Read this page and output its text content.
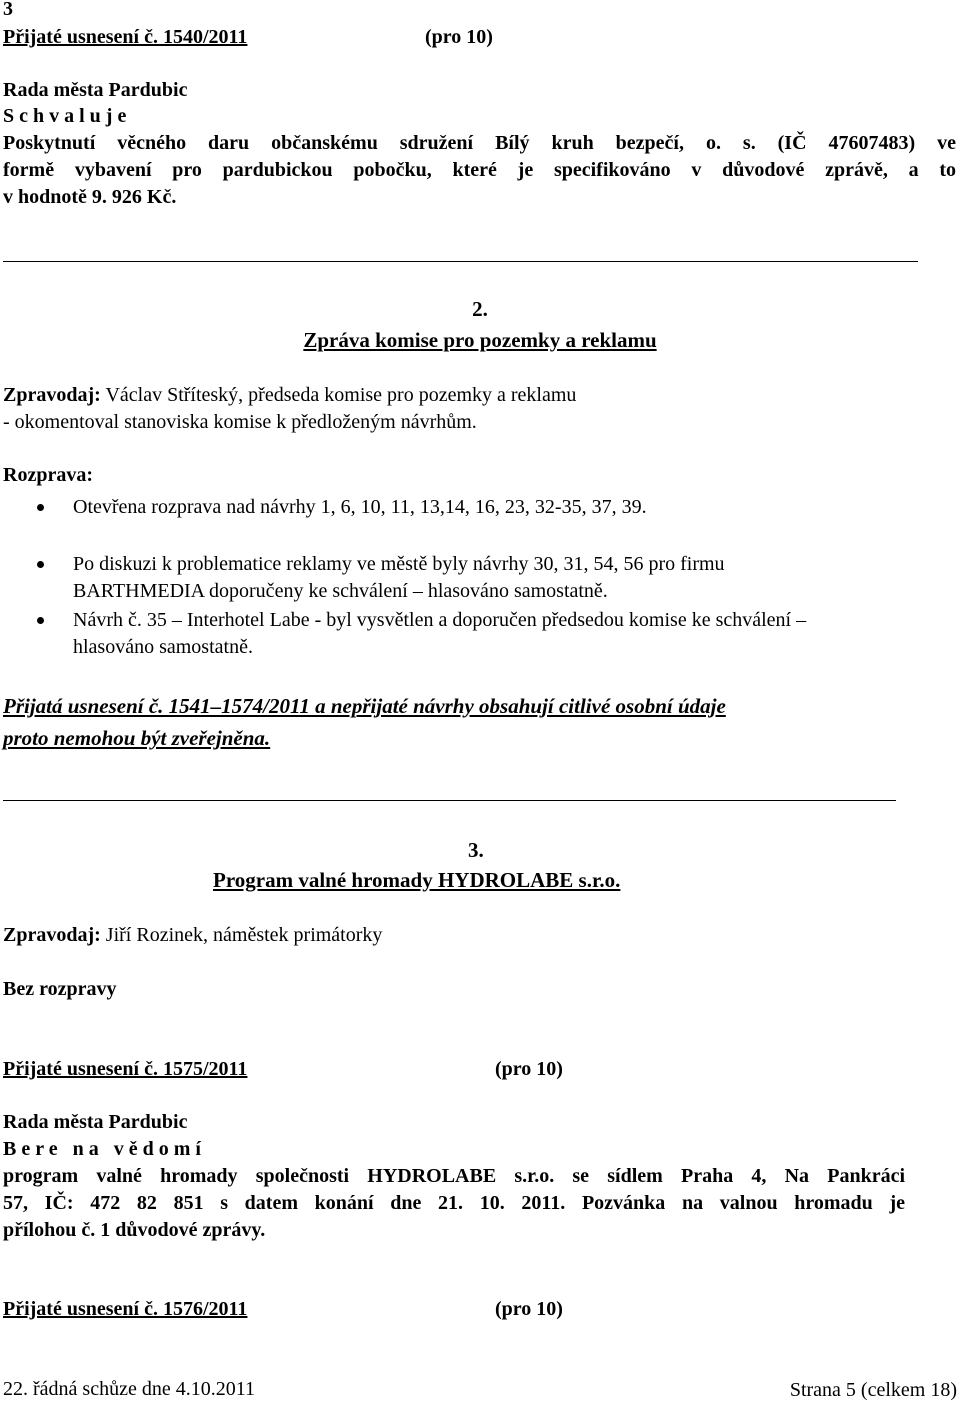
3
Přijaté usnesení č. 1540/2011	(pro 10)
Rada města Pardubic
S c h v a l u j e
Poskytnutí věcného daru občanskému sdružení Bílý kruh bezpečí, o. s. (IČ 47607483) ve
formě vybavení pro pardubickou pobočku, které je specifikováno v důvodové zprávě, a to
v hodnotě 9. 926 Kč.
2.
Zpráva komise pro pozemky a reklamu
Zpravodaj: Václav Stříteský, předseda komise pro pozemky a reklamu
- okomentoval stanoviska komise k předloženým návrhům.
Rozprava:
Otevřena rozprava nad návrhy 1, 6, 10, 11, 13,14, 16, 23, 32-35, 37, 39.
Po diskuzi k problematice reklamy ve městě byly návrhy 30, 31, 54, 56 pro firmu
BARTHMEDIA doporučeny ke schválení – hlasováno samostatně.
Návrh č. 35 – Interhotel Labe - byl vysvětlen a doporučen předsedou komise ke schválení –
hlasováno samostatně.
Přijatá usnesení č. 1541–1574/2011 a nepřijaté návrhy obsahují citlivé osobní údaje
proto nemohou být zveřejněna.
3.
Program valné hromady HYDROLABE s.r.o.
Zpravodaj: Jiří Rozinek, náměstek primátorky
Bez rozpravy
Přijaté usnesení č. 1575/2011	(pro 10)
Rada města Pardubic
B e r e   n a   v ě d o m í
program valné hromady společnosti HYDROLABE s.r.o. se sídlem Praha 4, Na Pankráci
57, IČ: 472 82 851 s datem konání dne 21. 10. 2011. Pozvánka na valnou hromadu je
přílohou č. 1 důvodové zprávy.
Přijaté usnesení č. 1576/2011	(pro 10)
22. řádná schůze dne 4.10.2011	Strana 5 (celkem 18)
